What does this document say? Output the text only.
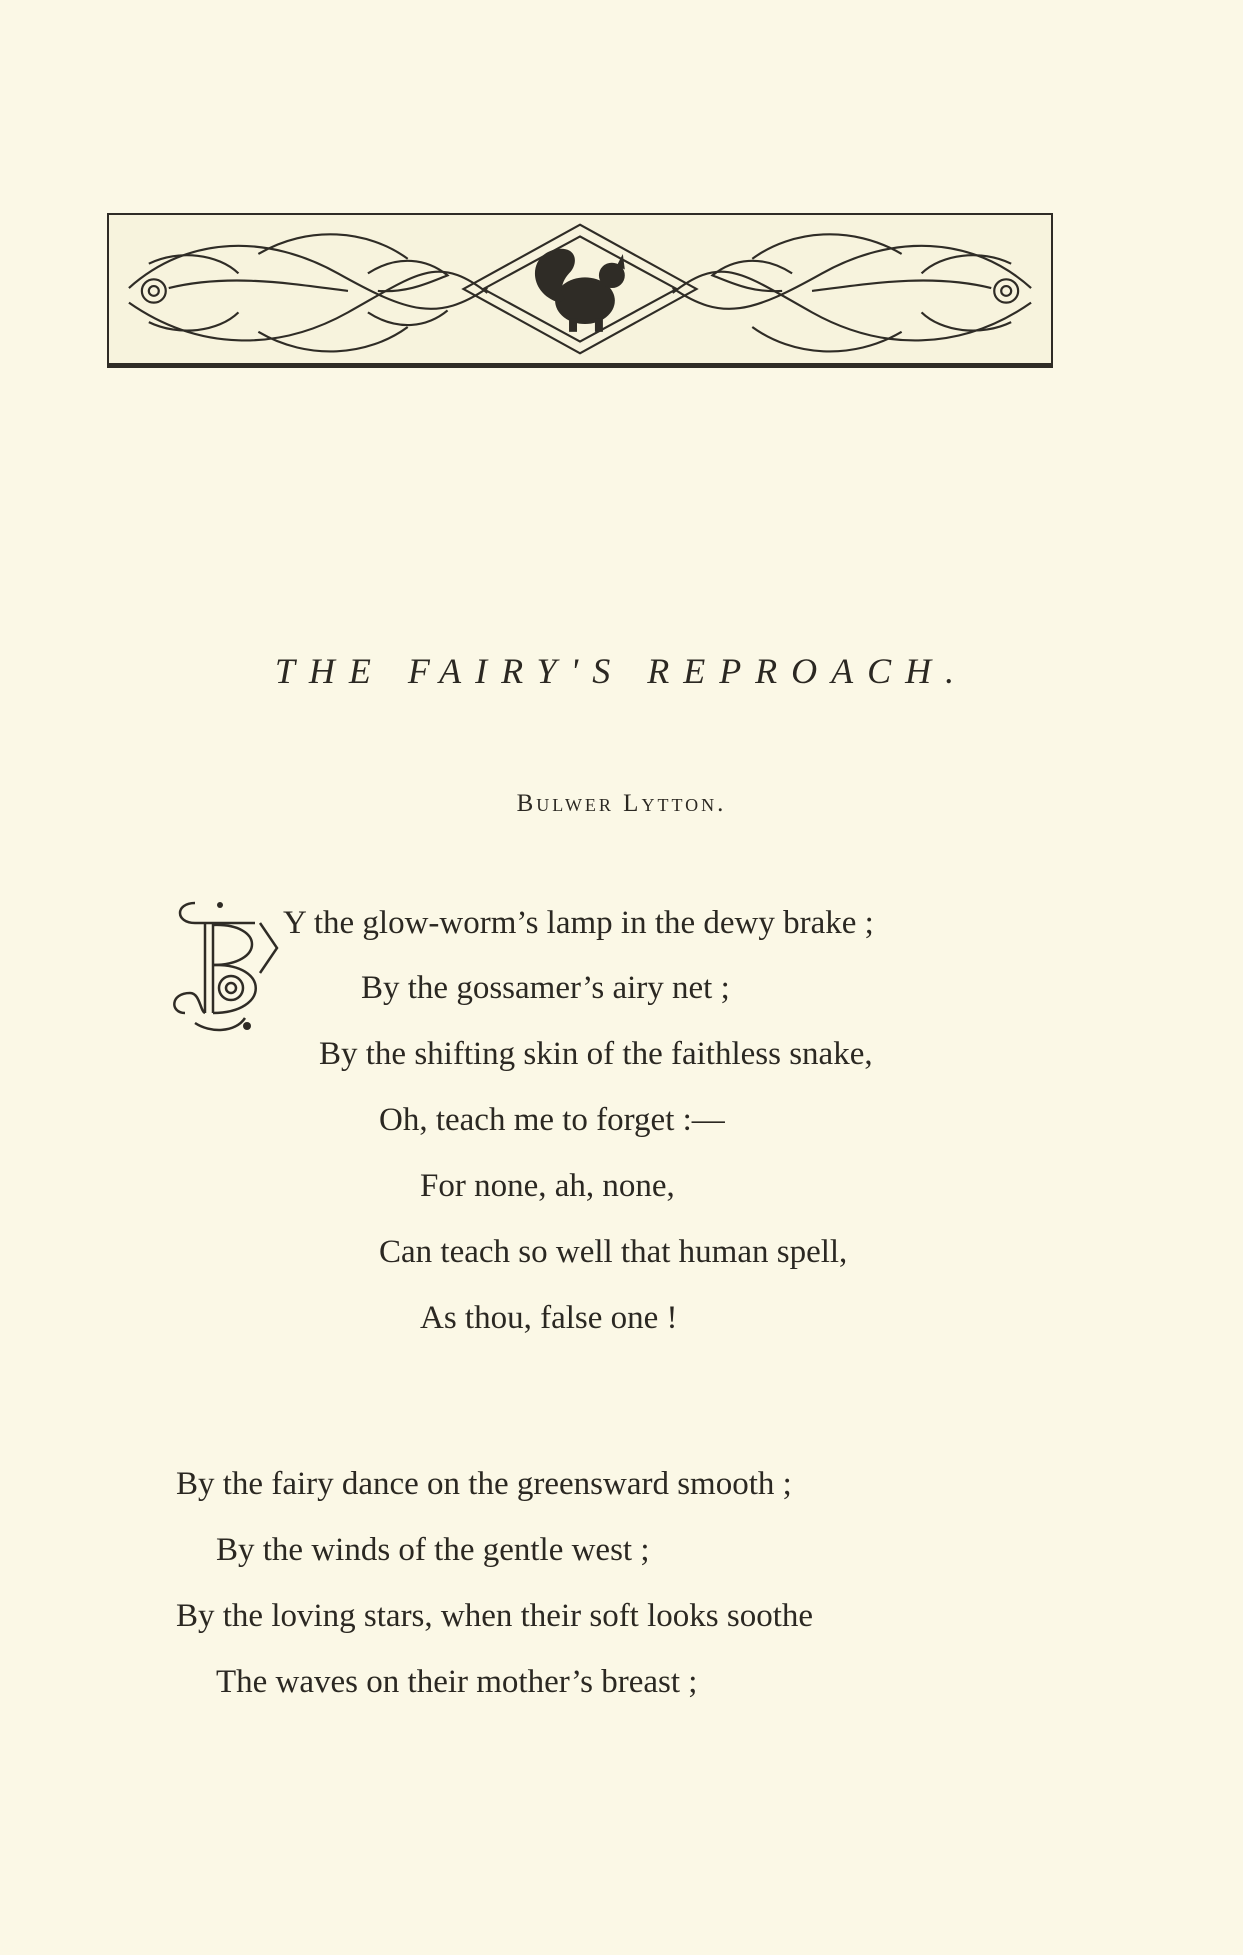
THE FAIRY'S REPROACH.
Bulwer Lytton.
B
Y the glow-worm’s lamp in the dewy brake ;
By the gossamer’s airy net ;
By the shifting skin of the faithless snake,
Oh, teach me to forget :—
For none, ah, none,
Can teach so well that human spell,
As thou, false one !
By the fairy dance on the greensward smooth ;
By the winds of the gentle west ;
By the loving stars, when their soft looks soothe
The waves on their mother’s breast ;
